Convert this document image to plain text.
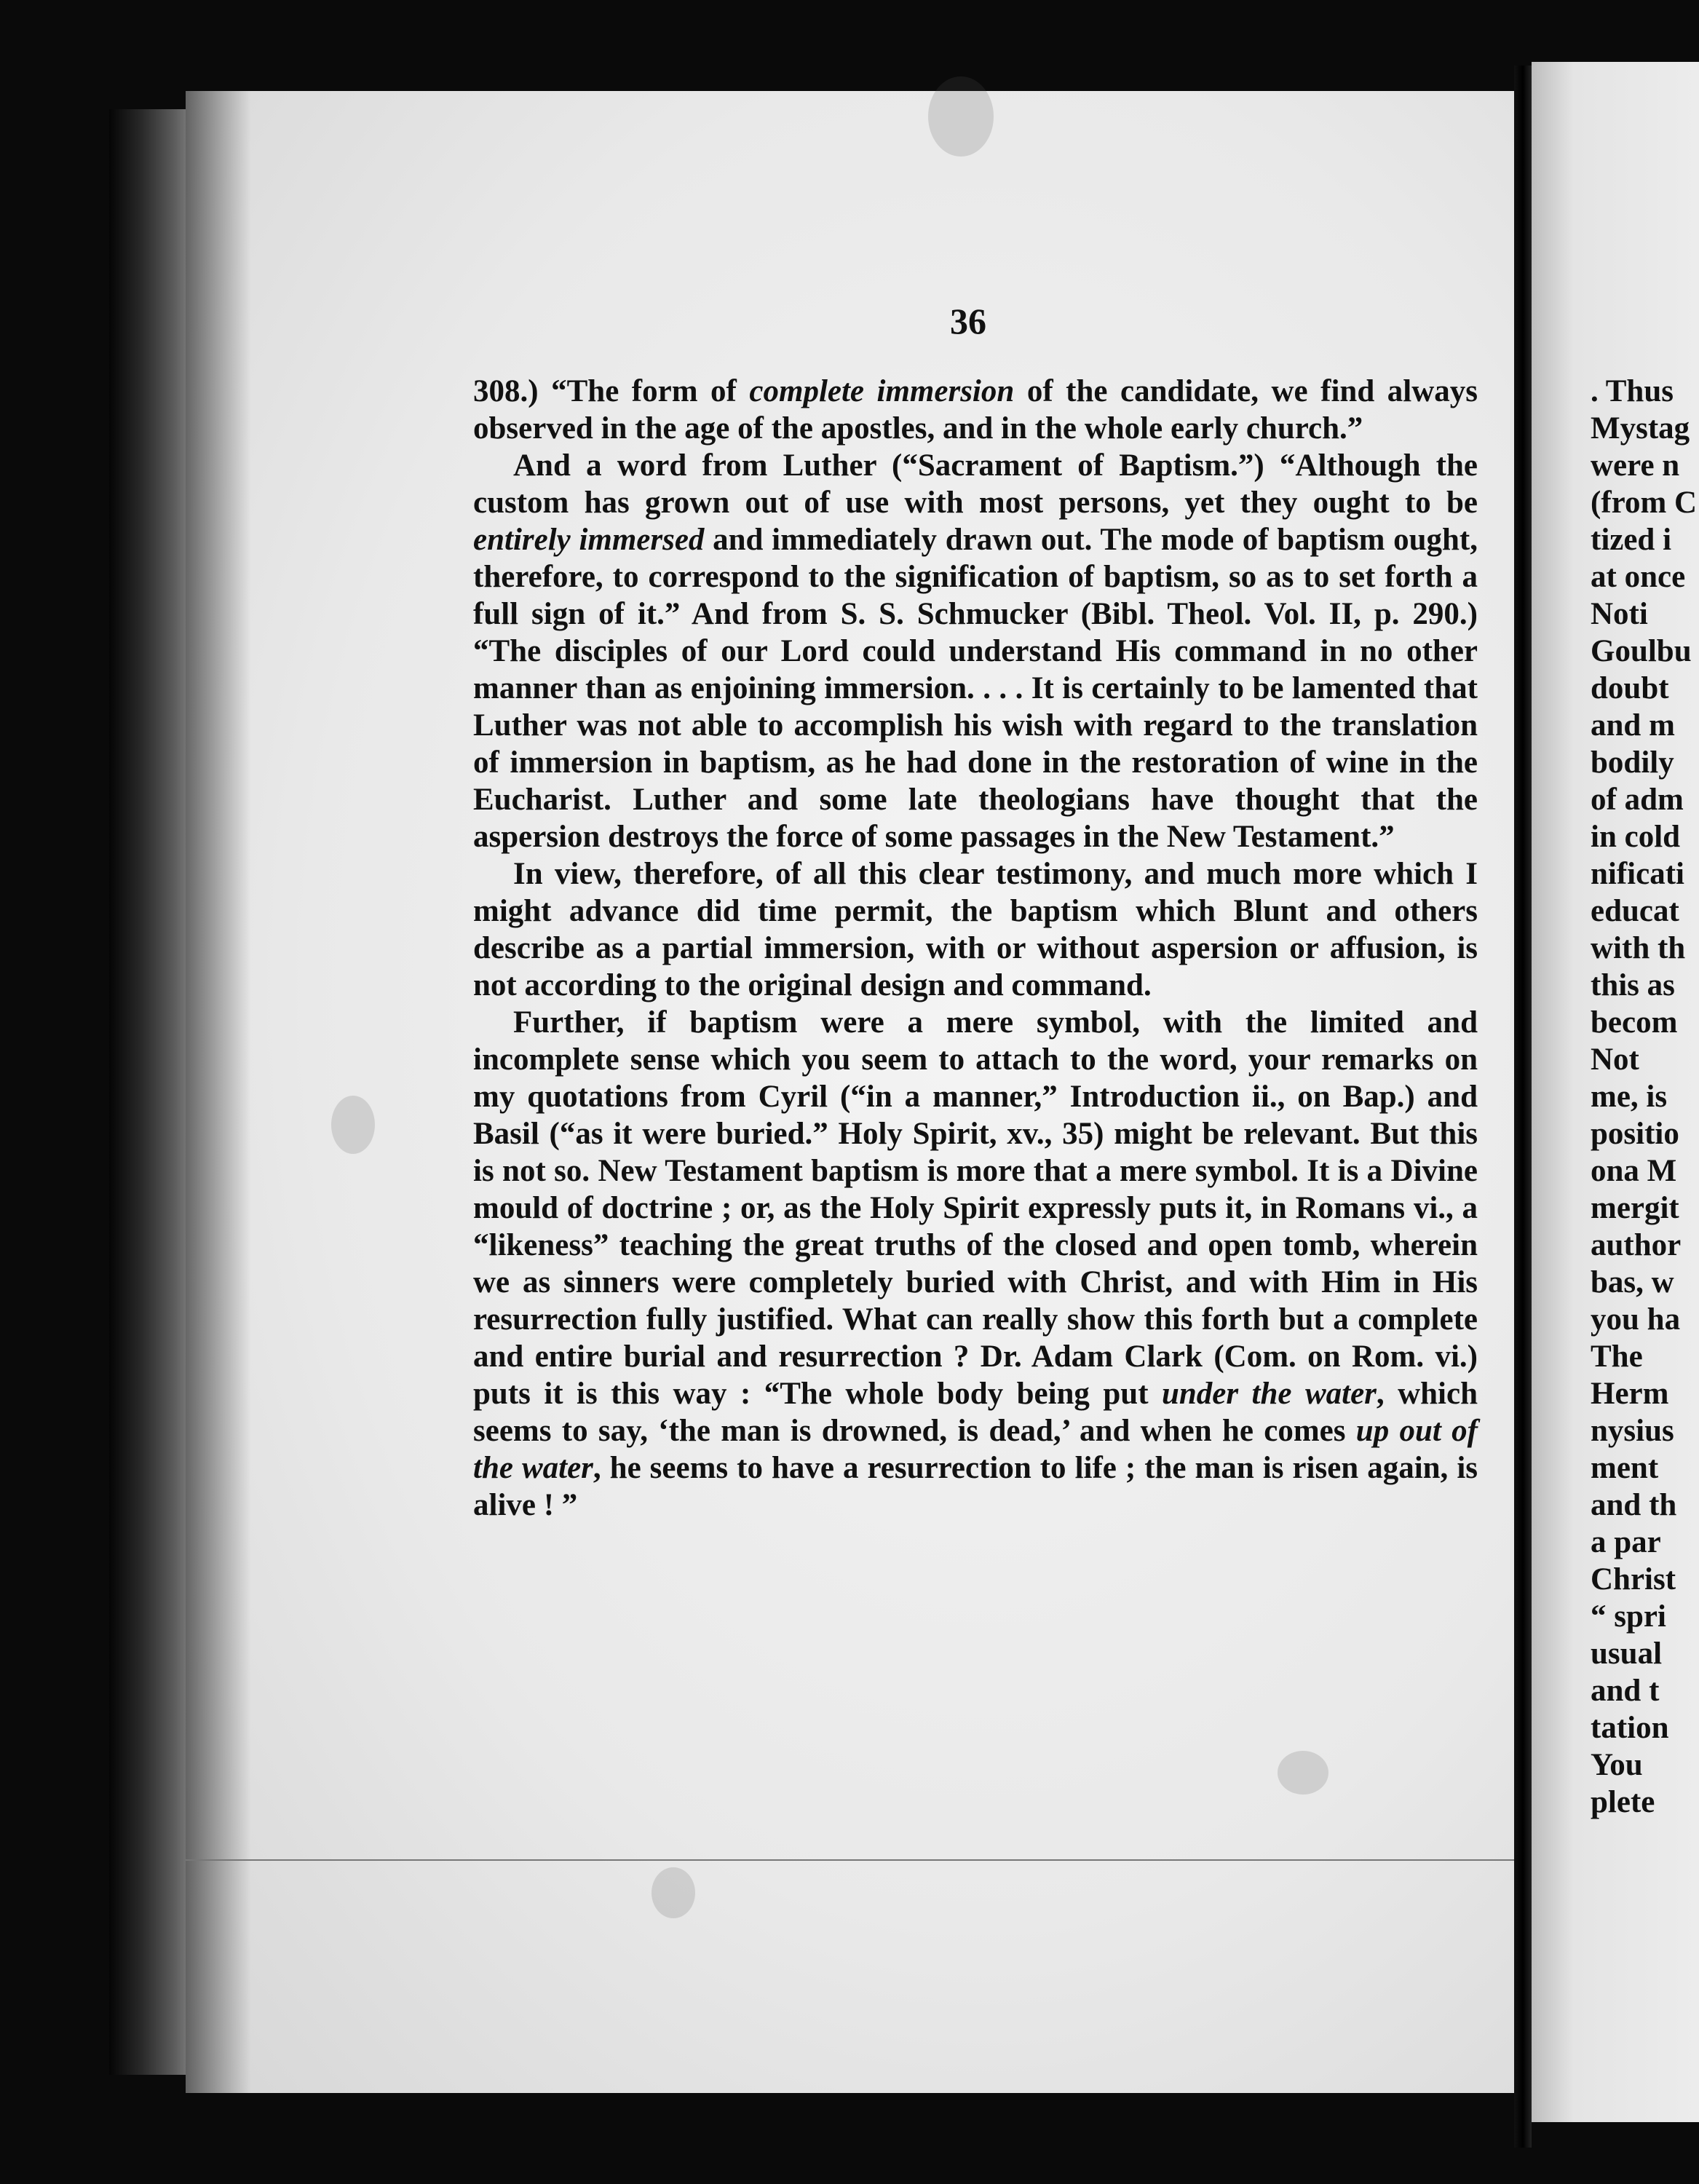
36

308.) “The form of complete immersion of the candidate, we find always observed in the age of the apostles, and in the whole early church.”

And a word from Luther (“Sacrament of Baptism.”) “Although the custom has grown out of use with most persons, yet they ought to be entirely immersed and immediately drawn out. The mode of baptism ought, therefore, to correspond to the signification of baptism, so as to set forth a full sign of it.” And from S. S. Schmucker (Bibl. Theol. Vol. II, p. 290.) “The disciples of our Lord could understand His command in no other manner than as enjoining immersion. . . . It is certainly to be lamented that Luther was not able to accomplish his wish with regard to the translation of immersion in baptism, as he had done in the restoration of wine in the Eucharist. Luther and some late theologians have thought that the aspersion destroys the force of some passages in the New Testament.”

In view, therefore, of all this clear testimony, and much more which I might advance did time permit, the baptism which Blunt and others describe as a partial immersion, with or without aspersion or affusion, is not according to the original design and command.

Further, if baptism were a mere symbol, with the limited and incomplete sense which you seem to attach to the word, your remarks on my quotations from Cyril (“in a manner,” Introduction ii., on Bap.) and Basil (“as it were buried.” Holy Spirit, xv., 35) might be relevant. But this is not so. New Testament baptism is more that a mere symbol. It is a Divine mould of doctrine ; or, as the Holy Spirit expressly puts it, in Romans vi., a “likeness” teaching the great truths of the closed and open tomb, wherein we as sinners were completely buried with Christ, and with Him in His resurrection fully justified. What can really show this forth but a complete and entire burial and resurrection ? Dr. Adam Clark (Com. on Rom. vi.) puts it is this way : “The whole body being put under the water, which seems to say, ‘the man is drowned, is dead,’ and when he comes up out of the water, he seems to have a resurrection to life ; the man is risen again, is alive ! ”

. Thus
Mystag
were n
(from C
tized i
at once
Noti
Goulbu
doubt
and m
bodily
of adm
in cold
nificati
educat
with th
this as
becom
Not
me, is
positio
ona M
mergit
author
bas, w
you ha
The
Herm
nysius
ment
and th
a par
Christ
“ spri
usual
and t
tation
You
plete
